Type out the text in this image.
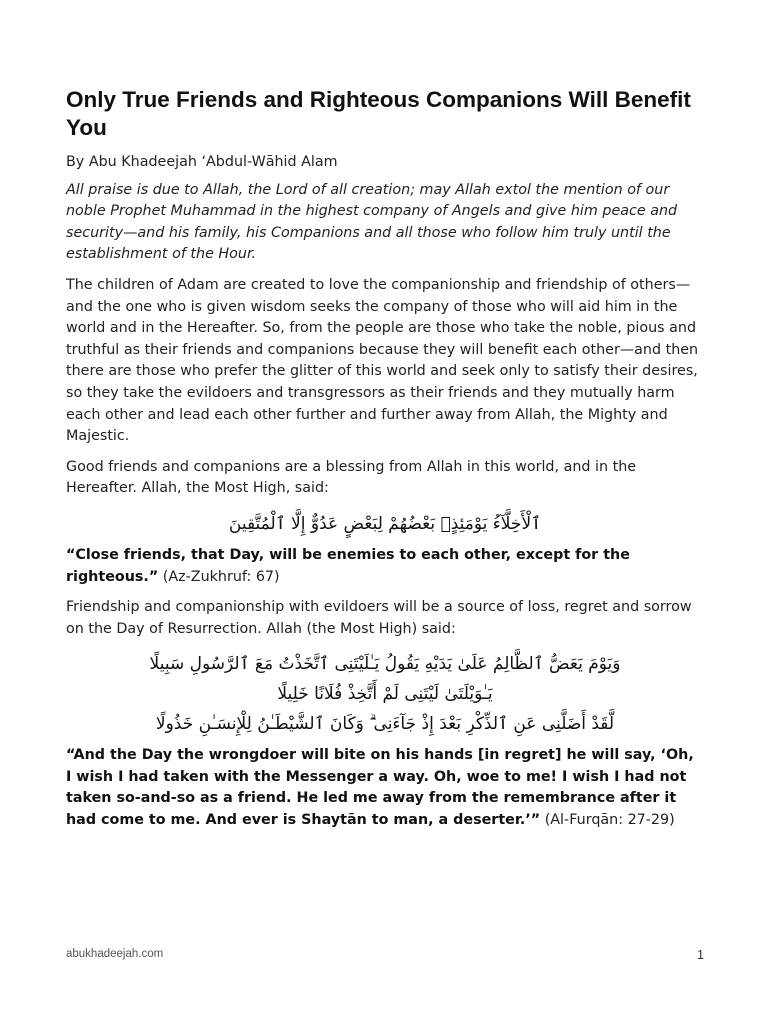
Only True Friends and Righteous Companions Will Benefit You

By Abu Khadeejah ‘Abdul-Wāhid Alam

All praise is due to Allah, the Lord of all creation; may Allah extol the mention of our noble Prophet Muhammad in the highest company of Angels and give him peace and security—and his family, his Companions and all those who follow him truly until the establishment of the Hour.

The children of Adam are created to love the companionship and friendship of others—and the one who is given wisdom seeks the company of those who will aid him in the world and in the Hereafter. So, from the people are those who take the noble, pious and truthful as their friends and companions because they will benefit each other—and then there are those who prefer the glitter of this world and seek only to satisfy their desires, so they take the evildoers and transgressors as their friends and they mutually harm each other and lead each other further and further away from Allah, the Mighty and Majestic.

Good friends and companions are a blessing from Allah in this world, and in the Hereafter. Allah, the Most High, said:

ٱلْأَخِلَّآءُ يَوْمَئِذٍۭ بَعْضُهُمْ لِبَعْضٍ عَدُوٌّ إِلَّا ٱلْمُتَّقِينَ

“Close friends, that Day, will be enemies to each other, except for the righteous.” (Az-Zukhruf: 67)

Friendship and companionship with evildoers will be a source of loss, regret and sorrow on the Day of Resurrection. Allah (the Most High) said:

وَيَوْمَ يَعَضُّ ٱلظَّالِمُ عَلَىٰ يَدَيْهِ يَقُولُ يَـٰلَيْتَنِى ٱتَّخَذْتُ مَعَ ٱلرَّسُولِ سَبِيلًا
يَـٰوَيْلَتَىٰ لَيْتَنِى لَمْ أَتَّخِذْ فُلَانًا خَلِيلًا
لَّقَدْ أَضَلَّنِى عَنِ ٱلذِّكْرِ بَعْدَ إِذْ جَآءَنِى ۗ وَكَانَ ٱلشَّيْطَـٰنُ لِلْإِنسَـٰنِ خَذُولًا

“And the Day the wrongdoer will bite on his hands [in regret] he will say, ‘Oh, I wish I had taken with the Messenger a way. Oh, woe to me! I wish I had not taken so-and-so as a friend. He led me away from the remembrance after it had come to me. And ever is Shaytān to man, a deserter.’” (Al-Furqān: 27-29)

abukhadeejah.com	1
